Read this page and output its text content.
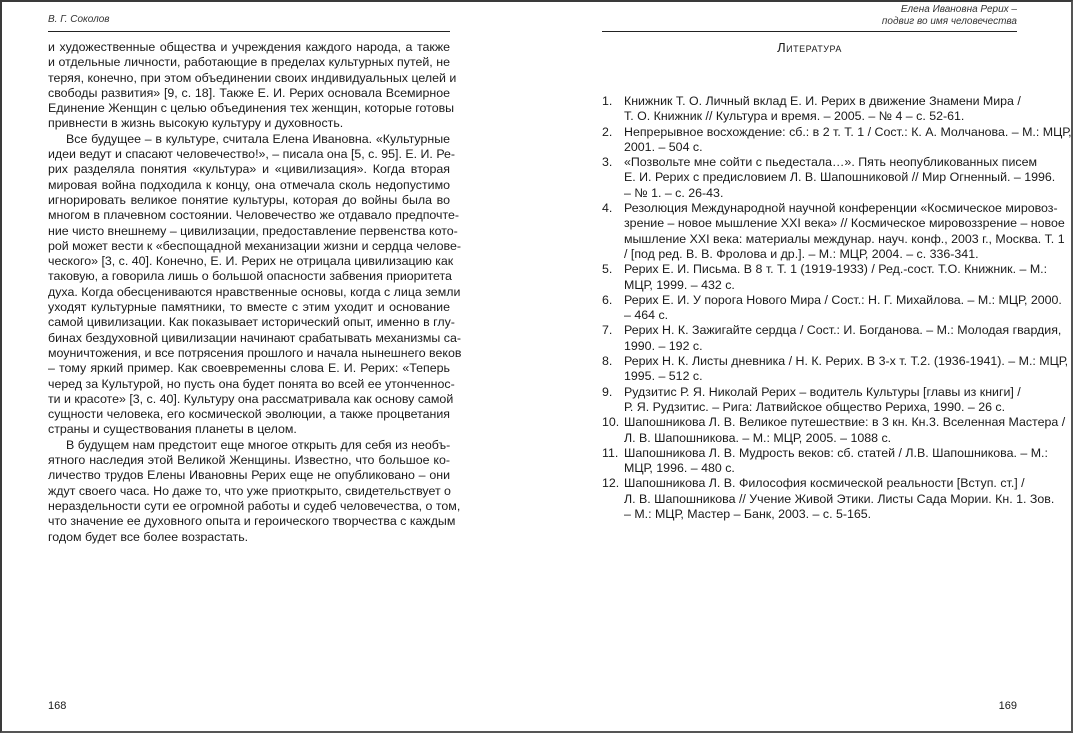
В. Г. Соколов
и художественные общества и учреждения каждого народа, а также
и отдельные личности, работающие в пределах культурных путей, не
теряя, конечно, при этом объединении своих индивидуальных целей и
свободы развития» [9, с. 18]. Также Е. И. Рерих основала Всемирное
Единение Женщин с целью объединения тех женщин, которые готовы
привнести в жизнь высокую культуру и духовность.
Все будущее – в культуре, считала Елена Ивановна. «Культурные
идеи ведут и спасают человечество!», – писала она [5, с. 95]. Е. И. Ре-
рих разделяла понятия «культура» и «цивилизация». Когда вторая
мировая война подходила к концу, она отмечала сколь недопустимо
игнорировать великое понятие культуры, которая до войны была во
многом в плачевном состоянии. Человечество же отдавало предпочте-
ние чисто внешнему – цивилизации, предоставление первенства кото-
рой может вести к «беспощадной механизации жизни и сердца челове-
ческого» [3, с. 40]. Конечно, Е. И. Рерих не отрицала цивилизацию как
таковую, а говорила лишь о большой опасности забвения приоритета
духа. Когда обесцениваются нравственные основы, когда с лица земли
уходят культурные памятники, то вместе с этим уходит и основание
самой цивилизации. Как показывает исторический опыт, именно в глу-
бинах бездуховной цивилизации начинают срабатывать механизмы са-
моуничтожения, и все потрясения прошлого и начала нынешнего веков
– тому яркий пример. Как своевременны слова Е. И. Рерих: «Теперь
черед за Культурой, но пусть она будет понята во всей ее утонченнос-
ти и красоте» [3, с. 40]. Культуру она рассматривала как основу самой
сущности человека, его космической эволюции, а также процветания
страны и существования планеты в целом.
В будущем нам предстоит еще многое открыть для себя из необъ-
ятного наследия этой Великой Женщины. Известно, что большое ко-
личество трудов Елены Ивановны Рерих еще не опубликовано – они
ждут своего часа. Но даже то, что уже приоткрыто, свидетельствует о
нераздельности сути ее огромной работы и судеб человечества, о том,
что значение ее духовного опыта и героического творчества с каждым
годом будет все более возрастать.
168
Елена Ивановна Рерих –
подвиг во имя человечества
Литература
1. Книжник Т. О. Личный вклад Е. И. Рерих в движение Знамени Мира /
Т. О. Книжник // Культура и время. – 2005. – № 4 – с. 52-61.
2. Непрерывное восхождение: сб.: в 2 т. Т. 1 / Сост.: К. А. Молчанова. – М.: МЦР,
2001. – 504 с.
3. «Позвольте мне сойти с пьедестала…». Пять неопубликованных писем
Е. И. Рерих с предисловием Л. В. Шапошниковой // Мир Огненный. – 1996.
– № 1. – с. 26-43.
4. Резолюция Международной научной конференции «Космическое мировоз-
зрение – новое мышление XXI века» // Космическое мировоззрение – новое
мышление XXI века: материалы междунар. науч. конф., 2003 г., Москва. Т. 1
/ [под ред. В. В. Фролова и др.]. – М.: МЦР, 2004. – с. 336-341.
5. Рерих Е. И. Письма. В 8 т. Т. 1 (1919-1933) / Ред.-сост. Т.О. Книжник. – М.:
МЦР, 1999. – 432 с.
6. Рерих Е. И. У порога Нового Мира / Сост.: Н. Г. Михайлова. – М.: МЦР, 2000.
– 464 с.
7. Рерих Н. К. Зажигайте сердца / Сост.: И. Богданова. – М.: Молодая гвардия,
1990. – 192 с.
8. Рерих Н. К. Листы дневника / Н. К. Рерих. В 3-х т. Т.2. (1936-1941). – М.: МЦР,
1995. – 512 с.
9. Рудзитис Р. Я. Николай Рерих – водитель Культуры [главы из книги] /
Р. Я. Рудзитис. – Рига: Латвийское общество Рериха, 1990. – 26 с.
10. Шапошникова Л. В. Великое путешествие: в 3 кн. Кн.3. Вселенная Мастера /
Л. В. Шапошникова. – М.: МЦР, 2005. – 1088 с.
11. Шапошникова Л. В. Мудрость веков: сб. статей / Л.В. Шапошникова. – М.:
МЦР, 1996. – 480 с.
12. Шапошникова Л. В. Философия космической реальности [Вступ. ст.] /
Л. В. Шапошникова // Учение Живой Этики. Листы Сада Мории. Кн. 1. Зов.
– М.: МЦР, Мастер – Банк, 2003. – с. 5-165.
169
